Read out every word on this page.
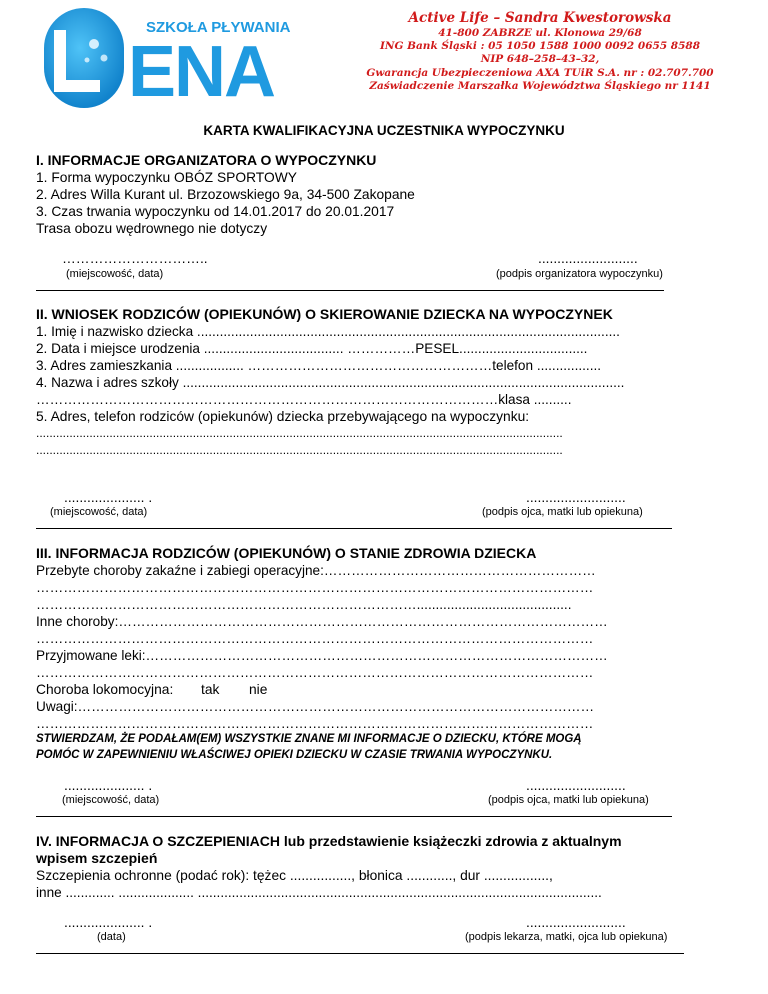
SZKOŁA PŁYWANIA
ENA
Active Life – Sandra Kwestorowska
41-800 ZABRZE ul. Klonowa 29/68
ING Bank Śląski : 05 1050 1588 1000 0092 0655 8588
NIP 648–258–43–32,
Gwarancja Ubezpieczeniowa AXA TUiR S.A. nr : 02.707.700
Zaświadczenie Marszałka Województwa Śląskiego nr 1141
KARTA KWALIFIKACYJNA UCZESTNIKA WYPOCZYNKU
I. INFORMACJE ORGANIZATORA O WYPOCZYNKU
1. Forma wypoczynku OBÓZ SPORTOWY
2. Adres Willa Kurant ul. Brzozowskiego 9a, 34-500 Zakopane
3. Czas trwania wypoczynku od 14.01.2017 do 20.01.2017
Trasa obozu wędrownego nie dotyczy
…………………………..	..........................
(miejscowość, data)	(podpis organizatora wypoczynku)
II. WNIOSEK RODZICÓW (OPIEKUNÓW) O SKIEROWANIE DZIECKA NA WYPOCZYNEK
1. Imię i nazwisko dziecka ................................................................................................................
2. Data i miejsce urodzenia ..................................... ……………PESEL..................................
3. Adres zamieszkania .................. ………………………………………………telefon .................
4. Nazwa i adres szkoły .....................................................................................................................
…………………………………………………………………………………………klasa ..........
5. Adres, telefon rodziców (opiekunów) dziecka przebywającego na wypoczynku:
..............................................................................................................................................................
..............................................................................................................................................................
..................... .	..........................
(miejscowość, data)	(podpis ojca, matki lub opiekuna)
III. INFORMACJA RODZICÓW (OPIEKUNÓW) O STANIE ZDROWIA DZIECKA
Przebyte choroby zakaźne i zabiegi operacyjne:……………………………………………………
……………………………………………………………………………………………………………
………………………………………………………………………….........................................
Inne choroby:………………………………………………………………………………………………
……………………………………………………………………………………………………………
Przyjmowane leki:…………………………………………………………………………………………
……………………………………………………………………………………………………………
Choroba lokomocyjna: tak nie
Uwagi:……………………………………………………………………………………………………
……………………………………………………………………………………………………………
STWIERDZAM, ŻE PODAŁAM(EM) WSZYSTKIE ZNANE MI INFORMACJE O DZIECKU, KTÓRE MOGĄ
POMÓC W ZAPEWNIENIU WŁAŚCIWEJ OPIEKI DZIECKU W CZASIE TRWANIA WYPOCZYNKU.
..................... .	..........................
(miejscowość, data)	(podpis ojca, matki lub opiekuna)
IV. INFORMACJA O SZCZEPIENIACH lub przedstawienie książeczki zdrowia z aktualnym
wpisem szczepień
Szczepienia ochronne (podać rok): tężec ................, błonica ............, dur .................,
inne ............. .................... ...........................................................................................................
..................... .	..........................
(data)	(podpis lekarza, matki, ojca lub opiekuna)
